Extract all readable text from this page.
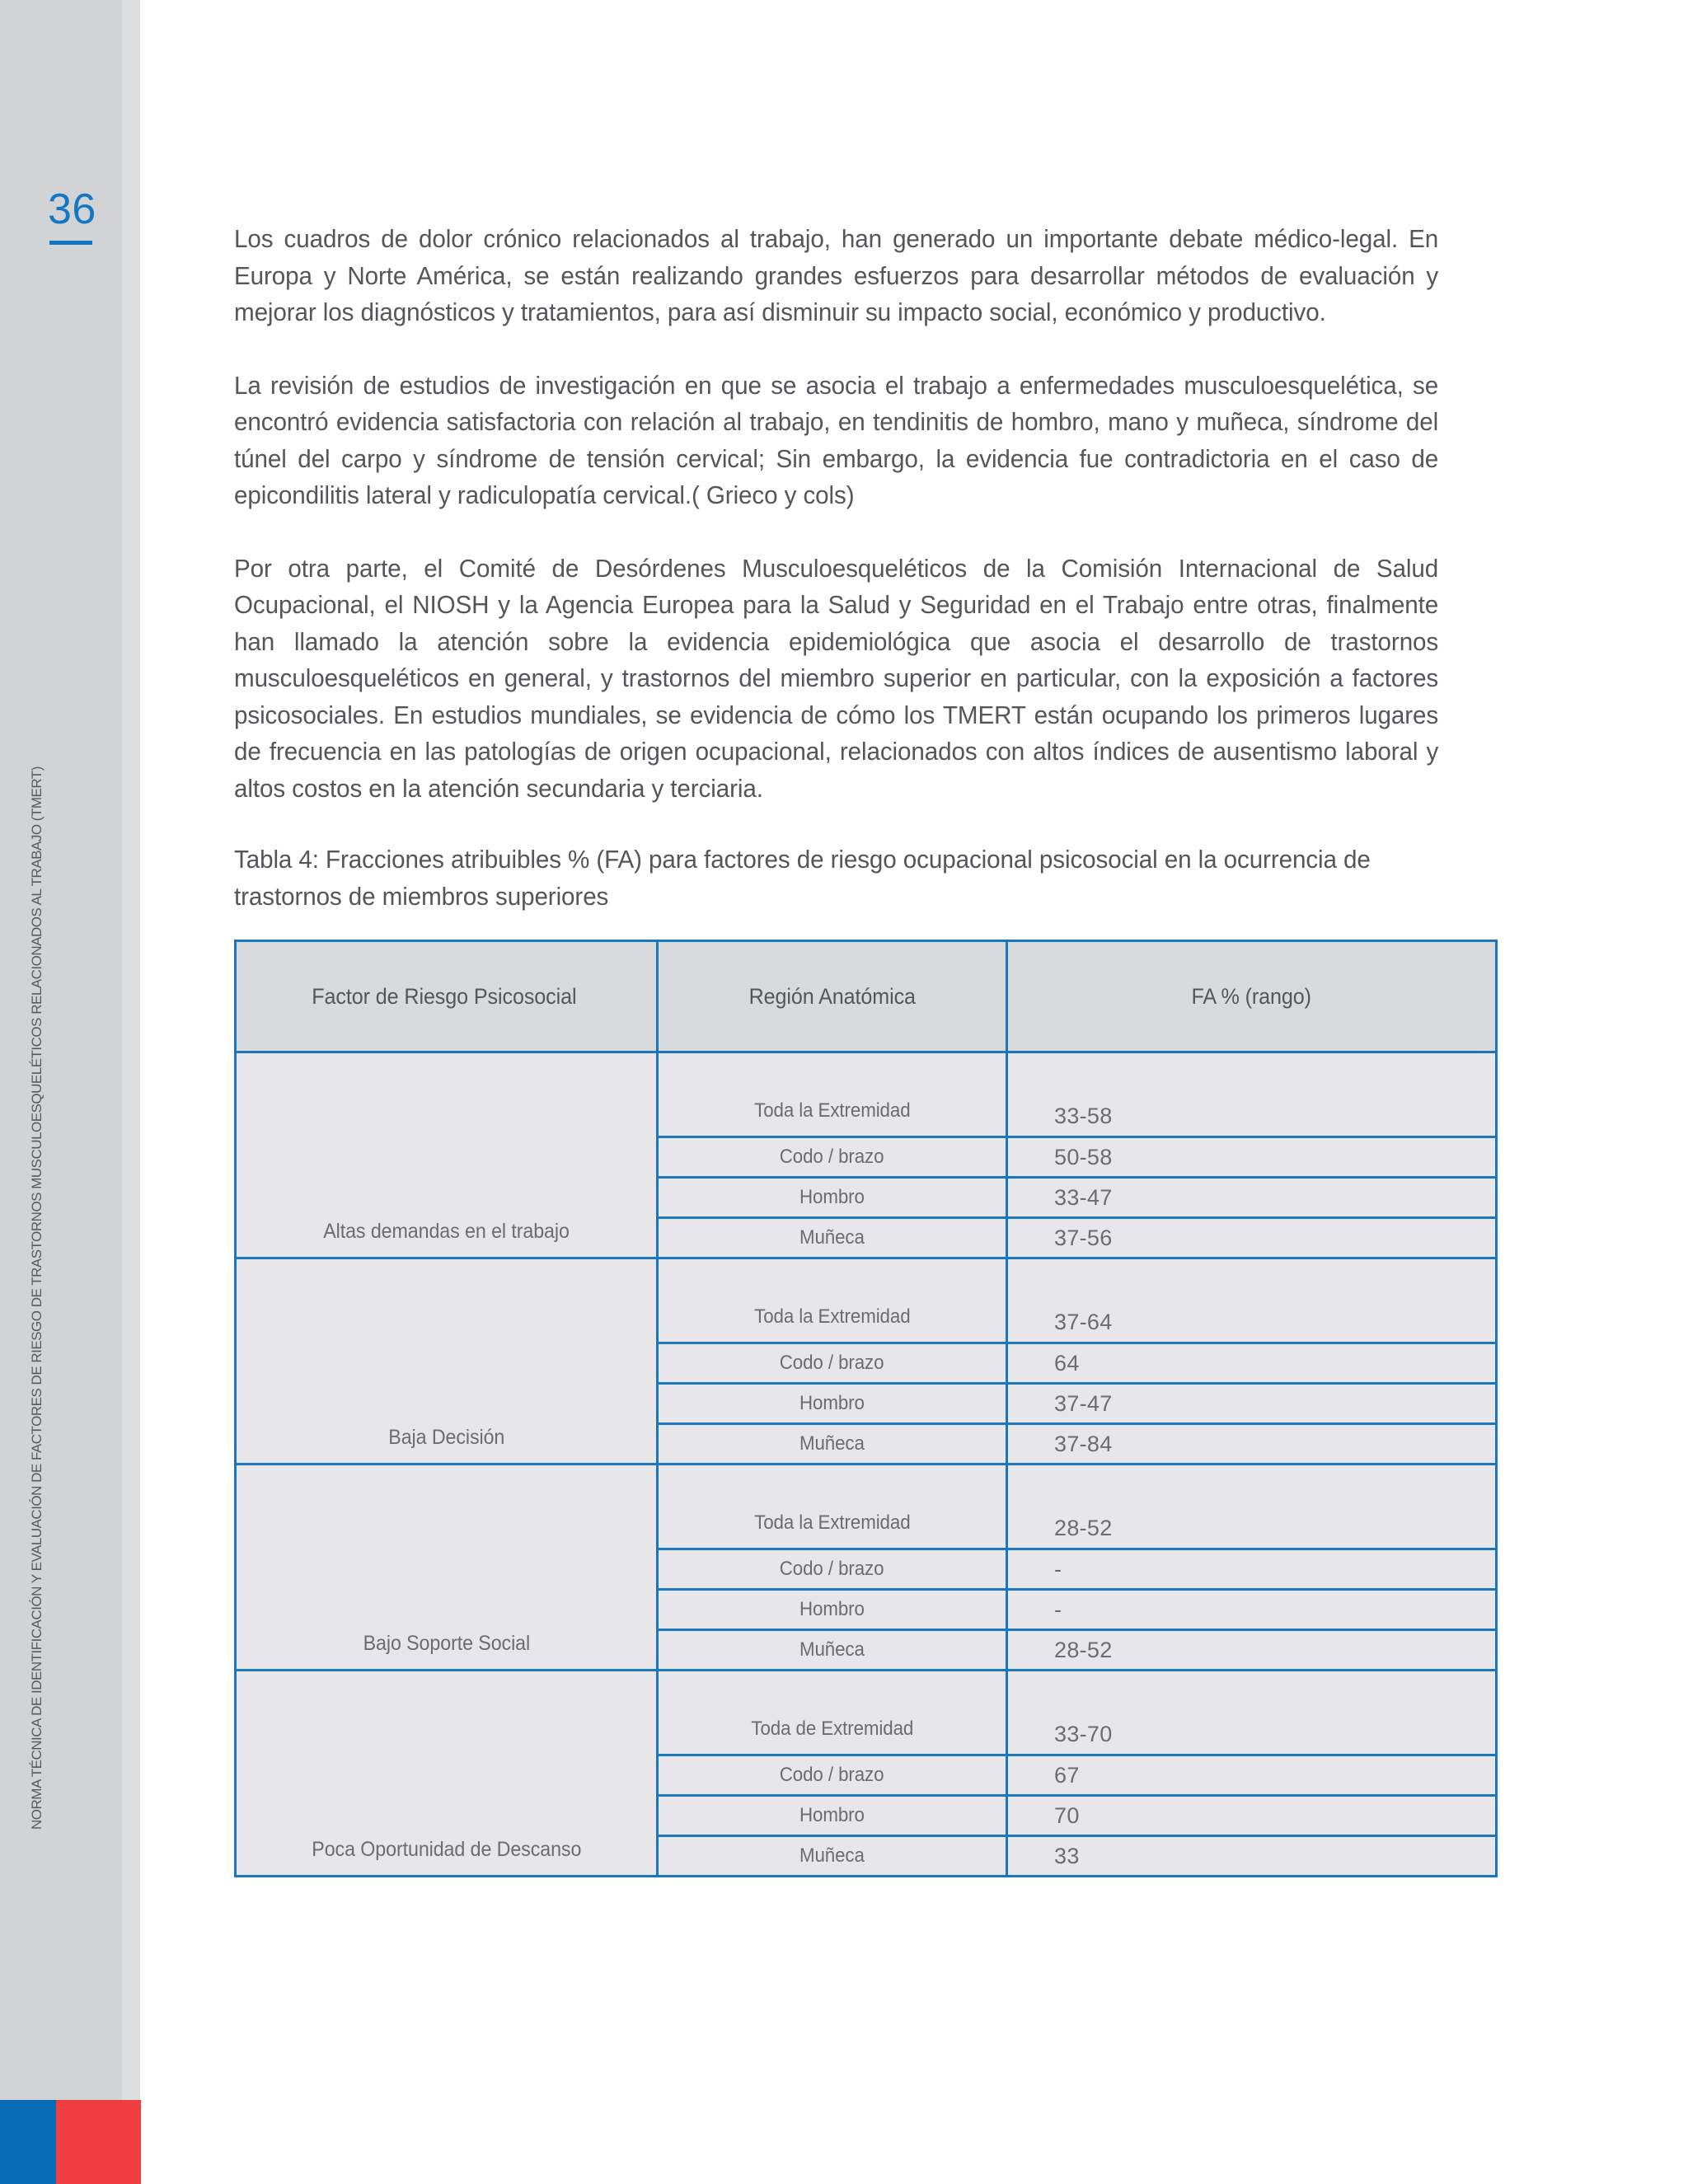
36
NORMA TÉCNICA DE IDENTIFICACIÓN Y EVALUACIÓN DE FACTORES DE RIESGO DE TRASTORNOS MUSCULOESQUELÉTICOS RELACIONADOS AL TRABAJO (TMERT)

Los cuadros de dolor crónico relacionados al trabajo, han generado un importante debate médico-legal. En Europa y Norte América, se están realizando grandes esfuerzos para desarrollar métodos de evaluación y mejorar los diagnósticos y tratamientos, para así disminuir su impacto social, económico y productivo.

La revisión de estudios de investigación en que se asocia el trabajo a enfermedades musculoesquelética, se encontró evidencia satisfactoria con relación al trabajo, en tendinitis de hombro, mano y muñeca, síndrome del túnel del carpo y síndrome de tensión cervical; Sin embargo, la evidencia fue contradictoria en el caso de epicondilitis lateral y radiculopatía cervical.( Grieco y cols)

Por otra parte, el Comité de Desórdenes Musculoesqueléticos de la Comisión Internacional de Salud Ocupacional, el NIOSH y la Agencia Europea para la Salud y Seguridad en el Trabajo entre otras, finalmente han llamado la atención sobre la evidencia epidemiológica que asocia el desarrollo de trastornos musculoesqueléticos en general, y trastornos del miembro superior en particular, con la exposición a factores psicosociales. En estudios mundiales, se evidencia de cómo los TMERT están ocupando los primeros lugares de frecuencia en las patologías de origen ocupacional, relacionados con altos índices de ausentismo laboral y altos costos en la atención secundaria y terciaria.

Tabla 4: Fracciones atribuibles % (FA) para factores de riesgo ocupacional psicosocial en la ocurrencia de trastornos de miembros superiores
Factor de Riesgo Psicosocial	Región Anatómica	FA % (rango)
Altas demandas en el trabajo	Toda la Extremidad	33-58
	Codo / brazo	50-58
	Hombro	33-47
	Muñeca	37-56
Baja Decisión	Toda la Extremidad	37-64
	Codo / brazo	64
	Hombro	37-47
	Muñeca	37-84
Bajo Soporte Social	Toda la Extremidad	28-52
	Codo / brazo	-
	Hombro	-
	Muñeca	28-52
Poca Oportunidad de Descanso	Toda de Extremidad	33-70
	Codo / brazo	67
	Hombro	70
	Muñeca	33
